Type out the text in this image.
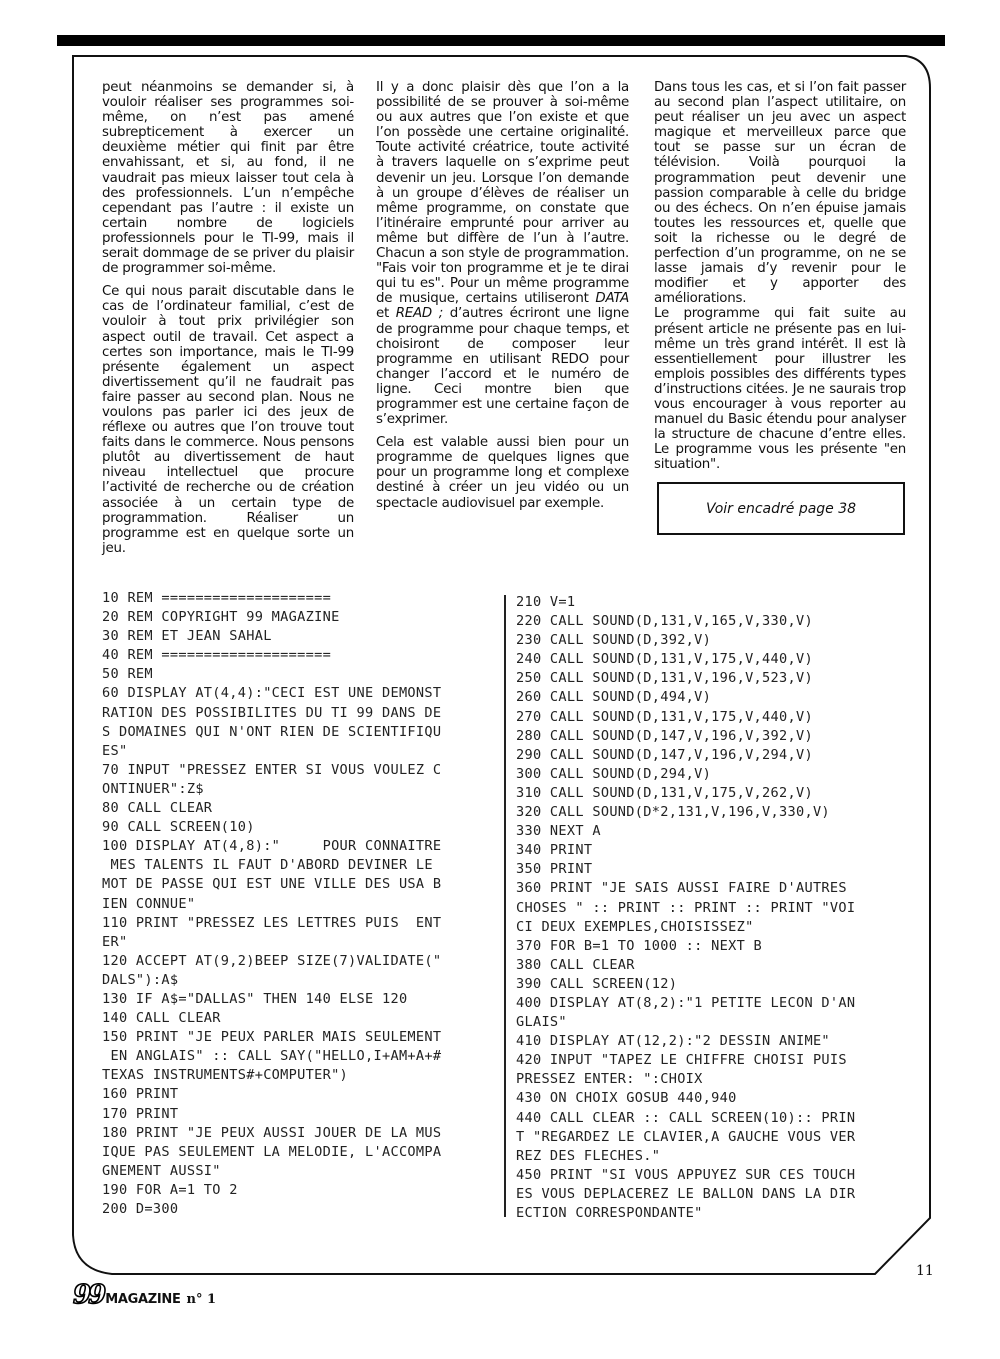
peut néanmoins se demander si, à vouloir réaliser ses programmes soi-même, on n’est pas amené subrepticement à exercer un deuxième métier qui finit par être envahissant, et si, au fond, il ne vaudrait pas mieux laisser tout cela à des professionnels. L’un n’empêche cependant pas l’autre : il existe un certain nombre de logiciels professionnels pour le TI-99, mais il serait dommage de se priver du plaisir de programmer soi-même.

Ce qui nous parait discutable dans le cas de l’ordinateur familial, c’est de vouloir à tout prix privilégier son aspect outil de travail. Cet aspect a certes son importance, mais le TI-99 présente également un aspect divertissement qu’il ne faudrait pas faire passer au second plan. Nous ne voulons pas parler ici des jeux de réflexe ou autres que l’on trouve tout faits dans le commerce. Nous pensons plutôt au divertissement de haut niveau intellectuel que procure l’activité de recherche ou de création associée à un certain type de programmation. Réaliser un programme est en quelque sorte un jeu.

Il y a donc plaisir dès que l’on a la possibilité de se prouver à soi-même ou aux autres que l’on existe et que l’on possède une certaine originalité. Toute activité créatrice, toute activité à travers laquelle on s’exprime peut devenir un jeu. Lorsque l’on demande à un groupe d’élèves de réaliser un même programme, on constate que l’itinéraire emprunté pour arriver au même but diffère de l’un à l’autre. Chacun a son style de programmation. "Fais voir ton programme et je te dirai qui tu es". Pour un même programme de musique, certains utiliseront DATA et READ ; d’autres écriront une ligne de programme pour chaque temps, et choisiront de composer leur programme en utilisant REDO pour changer l’accord et le numéro de ligne. Ceci montre bien que programmer est une certaine façon de s’exprimer.

Cela est valable aussi bien pour un programme de quelques lignes que pour un programme long et complexe destiné à créer un jeu vidéo ou un spectacle audiovisuel par exemple.

Dans tous les cas, et si l’on fait passer au second plan l’aspect utilitaire, on peut réaliser un jeu avec un aspect magique et merveilleux parce que tout se passe sur un écran de télévision. Voilà pourquoi la programmation peut devenir une passion comparable à celle du bridge ou des échecs. On n’en épuise jamais toutes les ressources et, quelle que soit la richesse ou le degré de perfection d’un programme, on ne se lasse jamais d’y revenir pour le modifier et y apporter des améliorations.

Le programme qui fait suite au présent article ne présente pas en lui-même un très grand intérêt. Il est là essentiellement pour illustrer les emplois possibles des différents types d’instructions citées. Je ne saurais trop vous encourager à vous reporter au manuel du Basic étendu pour analyser la structure de chacune d’entre elles. Le programme vous les présente "en situation".

Voir encadré page 38
10 REM ====================
20 REM COPYRIGHT 99 MAGAZINE
30 REM ET JEAN SAHAL
40 REM ====================
50 REM
60 DISPLAY AT(4,4):"CECI EST UNE DEMONST
RATION DES POSSIBILITES DU TI 99 DANS DE
S DOMAINES QUI N'ONT RIEN DE SCIENTIFIQU
ES"
70 INPUT "PRESSEZ ENTER SI VOUS VOULEZ C
ONTINUER":Z$
80 CALL CLEAR
90 CALL SCREEN(10)
100 DISPLAY AT(4,8):"     POUR CONNAITRE
MES TALENTS IL FAUT D'ABORD DEVINER LE
MOT DE PASSE QUI EST UNE VILLE DES USA B
IEN CONNUE"
110 PRINT "PRESSEZ LES LETTRES PUIS  ENT
ER"
120 ACCEPT AT(9,2)BEEP SIZE(7)VALIDATE("
DALS"):A$
130 IF A$="DALLAS" THEN 140 ELSE 120
140 CALL CLEAR
150 PRINT "JE PEUX PARLER MAIS SEULEMENT
EN ANGLAIS" :: CALL SAY("HELLO,I+AM+A+#
TEXAS INSTRUMENTS#+COMPUTER")
160 PRINT
170 PRINT
180 PRINT "JE PEUX AUSSI JOUER DE LA MUS
IQUE PAS SEULEMENT LA MELODIE, L'ACCOMPA
GNEMENT AUSSI"
190 FOR A=1 TO 2
200 D=300
210 V=1
220 CALL SOUND(D,131,V,165,V,330,V)
230 CALL SOUND(D,392,V)
240 CALL SOUND(D,131,V,175,V,440,V)
250 CALL SOUND(D,131,V,196,V,523,V)
260 CALL SOUND(D,494,V)
270 CALL SOUND(D,131,V,175,V,440,V)
280 CALL SOUND(D,147,V,196,V,392,V)
290 CALL SOUND(D,147,V,196,V,294,V)
300 CALL SOUND(D,294,V)
310 CALL SOUND(D,131,V,175,V,262,V)
320 CALL SOUND(D*2,131,V,196,V,330,V)
330 NEXT A
340 PRINT
350 PRINT
360 PRINT "JE SAIS AUSSI FAIRE D'AUTRES
CHOSES " :: PRINT :: PRINT :: PRINT "VOI
CI DEUX EXEMPLES,CHOISISSEZ"
370 FOR B=1 TO 1000 :: NEXT B
380 CALL CLEAR
390 CALL SCREEN(12)
400 DISPLAY AT(8,2):"1 PETITE LECON D'AN
GLAIS"
410 DISPLAY AT(12,2):"2 DESSIN ANIME"
420 INPUT "TAPEZ LE CHIFFRE CHOISI PUIS
PRESSEZ ENTER: ":CHOIX
430 ON CHOIX GOSUB 440,940
440 CALL CLEAR :: CALL SCREEN(10):: PRIN
T "REGARDEZ LE CLAVIER,A GAUCHE VOUS VER
REZ DES FLECHES."
450 PRINT "SI VOUS APPUYEZ SUR CES TOUCH
ES VOUS DEPLACEREZ LE BALLON DANS LA DIR
ECTION CORRESPONDANTE"
99 MAGAZINE n° 1
11
